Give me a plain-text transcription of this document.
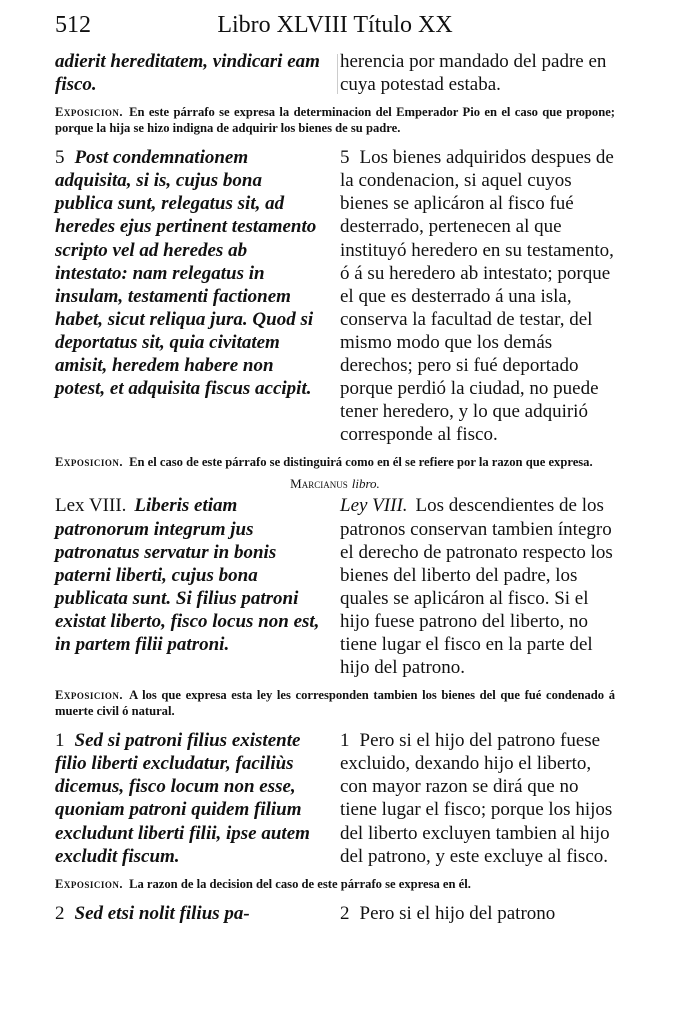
512	Libro XLVIII Título XX
adierit hereditatem, vindicari eam fisco.
herencia por mandado del padre en cuya potestad estaba.
Exposicion. En este párrafo se expresa la determinacion del Emperador Pio en el caso que propone; porque la hija se hizo indigna de adquirir los bienes de su padre.
5 Post condemnationem adquisita, si is, cujus bona publica sunt, relegatus sit, ad heredes ejus pertinent testamento scripto vel ad heredes ab intestato: nam relegatus in insulam, testamenti factionem habet, sicut reliqua jura. Quod si deportatus sit, quia civitatem amisit, heredem habere non potest, et adquisita fiscus accipit.
5 Los bienes adquiridos despues de la condenacion, si aquel cuyos bienes se aplicáron al fisco fué desterrado, pertenecen al que instituyó heredero en su testamento, ó á su heredero ab intestato; porque el que es desterrado á una isla, conserva la facultad de testar, del mismo modo que los demás derechos; pero si fué deportado porque perdió la ciudad, no puede tener heredero, y lo que adquirió corresponde al fisco.
Exposicion. En el caso de este párrafo se distinguirá como en él se refiere por la razon que expresa.
Marcianus libro.
Lex VIII. Liberis etiam patronorum integrum jus patronatus servatur in bonis paterni liberti, cujus bona publicata sunt. Si filius patroni existat liberto, fisco locus non est, in partem filii patroni.
Ley VIII. Los descendientes de los patronos conservan tambien íntegro el derecho de patronato respecto los bienes del liberto del padre, los quales se aplicáron al fisco. Si el hijo fuese patrono del liberto, no tiene lugar el fisco en la parte del hijo del patrono.
Exposicion. A los que expresa esta ley les corresponden tambien los bienes del que fué condenado á muerte civil ó natural.
1 Sed si patroni filius existente filio liberti excludatur, faciliùs dicemus, fisco locum non esse, quoniam patroni quidem filium excludunt liberti filii, ipse autem excludit fiscum.
1 Pero si el hijo del patrono fuese excluido, dexando hijo el liberto, con mayor razon se dirá que no tiene lugar el fisco; porque los hijos del liberto excluyen tambien al hijo del patrono, y este excluye al fisco.
Exposicion. La razon de la decision del caso de este párrafo se expresa en él.
2 Sed etsi nolit filius pa-	2 Pero si el hijo del patrono
